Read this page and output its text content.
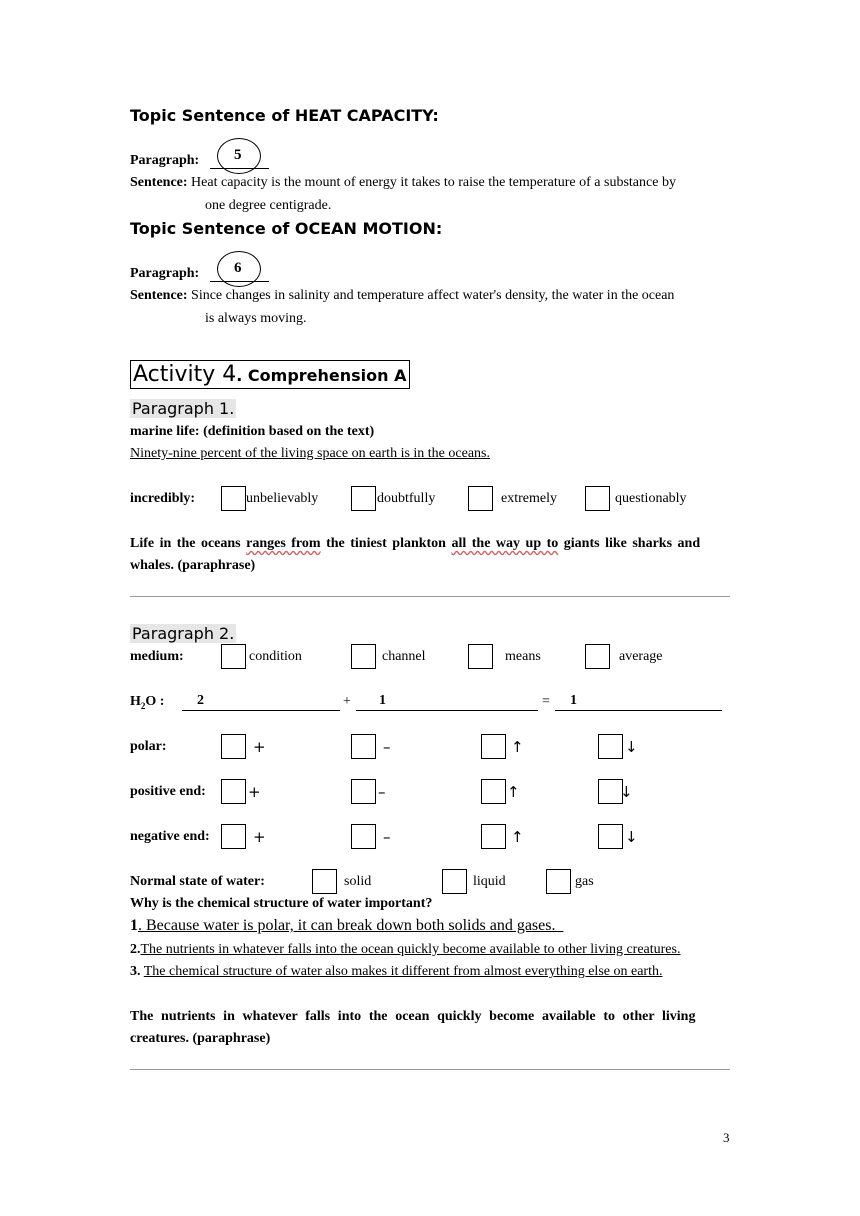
Topic Sentence of HEAT CAPACITY:
Paragraph: 5
Sentence: Heat capacity is the mount of energy it takes to raise the temperature of a substance by
one degree centigrade.
Topic Sentence of OCEAN MOTION:
Paragraph: 6
Sentence: Since changes in salinity and temperature affect water's density, the water in the ocean
is always moving.
Activity 4. Comprehension A
Paragraph 1.
marine life: (definition based on the text)
Ninety-nine percent of the living space on earth is in the oceans.
incredibly:	unbelievably	doubtfully	extremely	questionably
Life in the oceans ranges from the tiniest plankton all the way up to giants like sharks and
whales. (paraphrase)
Paragraph 2.
medium:	condition	channel	means	average
$H_2O$ : 2	+ 1	= 1
polar:	+	–	↑	↓
positive end:	+	–	↑	↓
negative end:	+	–	↑	↓
Normal state of water:	solid	liquid	gas
Why is the chemical structure of water important?
1. Because water is polar, it can break down both solids and gases.
2.The nutrients in whatever falls into the ocean quickly become available to other living creatures.
3. The chemical structure of water also makes it different from almost everything else on earth.
The nutrients in whatever falls into the ocean quickly become available to other living
creatures. (paraphrase)
3
